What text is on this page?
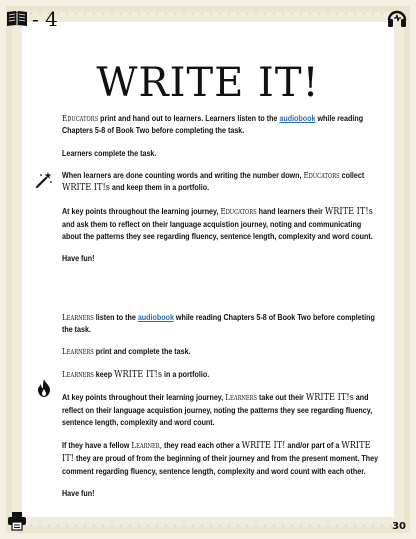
WRITE IT!

Educators print and hand out to learners. Learners listen to the audiobook while reading Chapters 5-8 of Book Two before completing the task.

Learners complete the task.

When learners are done counting words and writing the number down, Educators collect WRITE IT!s and keep them in a portfolio.

At key points throughout the learning journey, Educators hand learners their WRITE IT!s and ask them to reflect on their language acquistion journey, noting and communicating about the patterns they see regarding fluency, sentence length, complexity and word count.

Have fun!

Learners listen to the audiobook while reading Chapters 5-8 of Book Two before completing the task.

Learners print and complete the task.

Learners keep WRITE IT!s in a portfolio.

At key points throughout their learning journey, Learners take out their WRITE IT!s and reflect on their language acquistion journey, noting the patterns they see regarding fluency, sentence length, complexity and word count.

If they have a fellow Learner, they read each other a WRITE IT! and/or part of a WRITE IT! they are proud of from the beginning of their journey and from the present moment. They comment regarding fluency, sentence length, complexity and word count with each other.

Have fun!

- 4
30
